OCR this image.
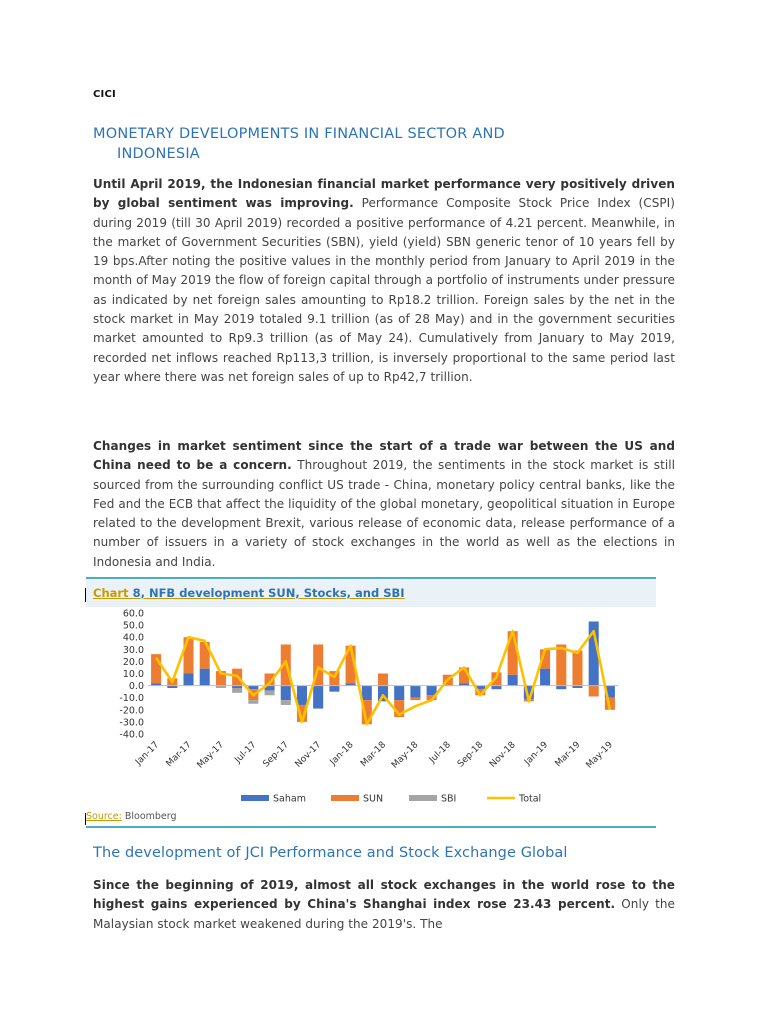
CICI
MONETARY DEVELOPMENTS IN FINANCIAL SECTOR AND
INDONESIA
Until April 2019, the Indonesian financial market performance very positively driven by global sentiment was improving. Performance Composite Stock Price Index (CSPI) during 2019 (till 30 April 2019) recorded a positive performance of 4.21 percent. Meanwhile, in the market of Government Securities (SBN), yield (yield) SBN generic tenor of 10 years fell by 19 bps.After noting the positive values in the monthly period from January to April 2019 in the month of May 2019 the flow of foreign capital through a portfolio of instruments under pressure as indicated by net foreign sales amounting to Rp18.2 trillion. Foreign sales by the net in the stock market in May 2019 totaled 9.1 trillion (as of 28 May) and in the government securities market amounted to Rp9.3 trillion (as of May 24). Cumulatively from January to May 2019, recorded net inflows reached Rp113,3 trillion, is inversely proportional to the same period last year where there was net foreign sales of up to Rp42,7 trillion.
Changes in market sentiment since the start of a trade war between the US and China need to be a concern. Throughout 2019, the sentiments in the stock market is still sourced from the surrounding conflict US trade - China, monetary policy central banks, like the Fed and the ECB that affect the liquidity of the global monetary, geopolitical situation in Europe related to the development Brexit, various release of economic data, release performance of a number of issuers in a variety of stock exchanges in the world as well as the elections in Indonesia and India.
Chart 8, NFB development SUN, Stocks, and SBI
60.0
50.0
40.0
30.0
20.0
10.0
0.0
-10.0
-20.0
-30.0
-40.0
Jan-17 Mar-17 May-17 Jul-17 Sep-17 Nov-17 Jan-18 Mar-18 May-18 Jul-18 Sep-18 Nov-18 Jan-19 Mar-19 May-19
Saham	SUN	SBI	Total
Source: Bloomberg
The development of JCI Performance and Stock Exchange Global
Since the beginning of 2019, almost all stock exchanges in the world rose to the highest gains experienced by China's Shanghai index rose 23.43 percent. Only the Malaysian stock market weakened during the 2019's. The
